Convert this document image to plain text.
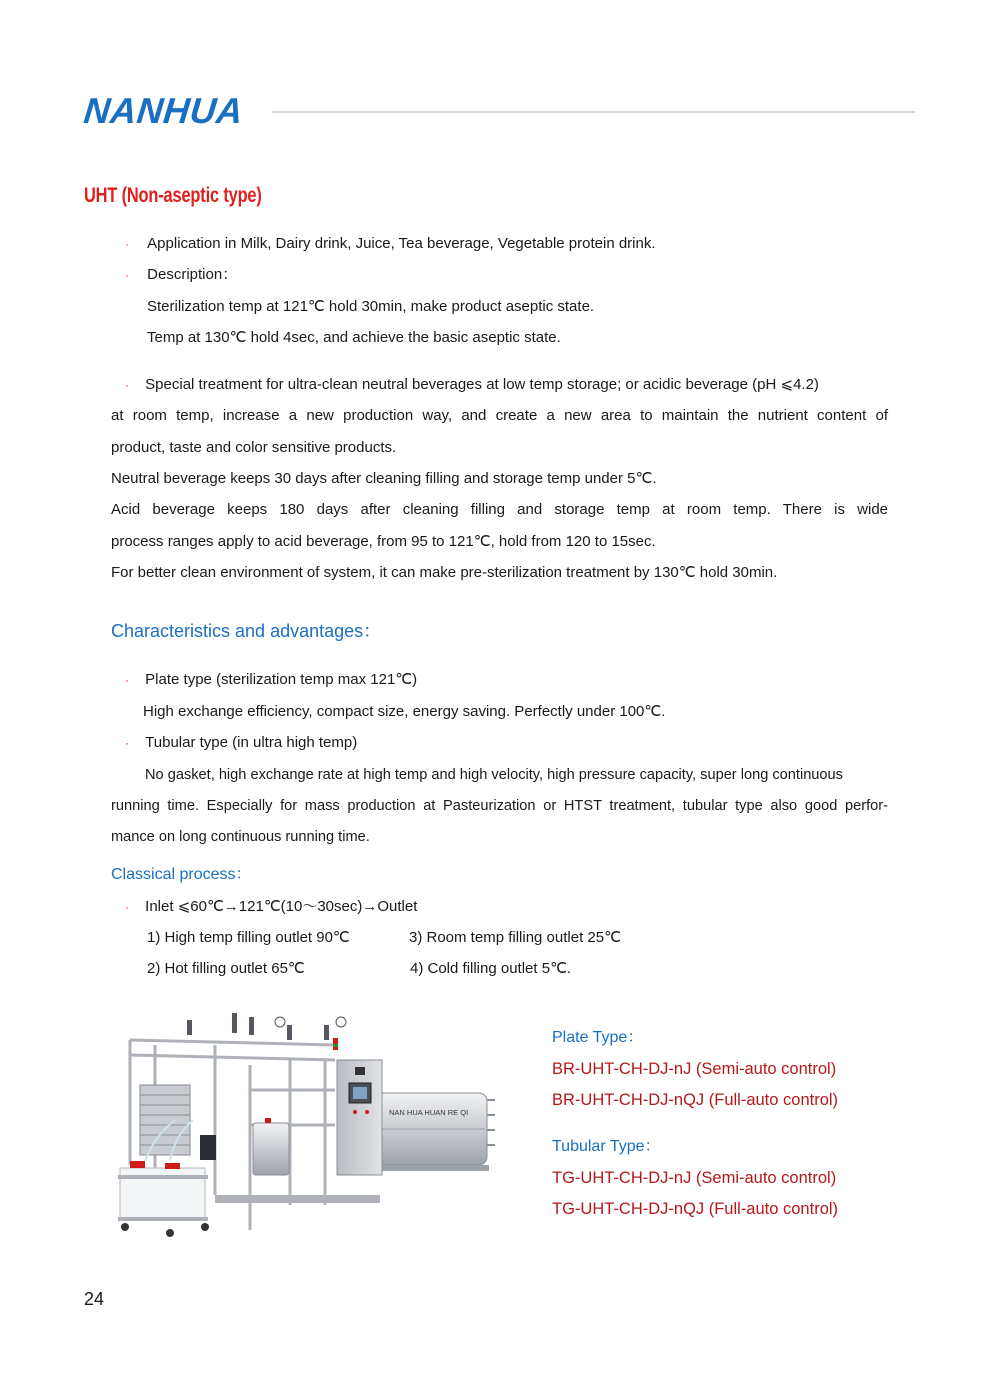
NANHUA
UHT (Non-aseptic type)
· Application in Milk, Dairy drink, Juice, Tea beverage, Vegetable protein drink.
· Description：
Sterilization temp at 121℃ hold 30min, make product aseptic state.
Temp at 130℃ hold 4sec, and achieve the basic aseptic state.
· Special treatment for ultra-clean neutral beverages at low temp storage; or acidic beverage (pH ⩽4.2)
at room temp, increase a new production way, and create a new area to maintain the nutrient content of
product, taste and color sensitive products.
Neutral beverage keeps 30 days after cleaning filling and storage temp under 5℃.
Acid beverage keeps 180 days after cleaning filling and storage temp at room temp. There is wide
process ranges apply to acid beverage, from 95 to 121℃, hold from 120 to 15sec.
For better clean environment of system, it can make pre-sterilization treatment by 130℃ hold 30min.
Characteristics and advantages：
· Plate type (sterilization temp max 121℃)
High exchange efficiency, compact size, energy saving. Perfectly under 100℃.
· Tubular type (in ultra high temp)
No gasket, high exchange rate at high temp and high velocity, high pressure capacity, super long continuous
running time. Especially for mass production at Pasteurization or HTST treatment, tubular type also good perfor-
mance on long continuous running time.
Classical process：
· Inlet ⩽60℃→121℃(10～30sec)→Outlet
1) High temp filling outlet 90℃	3) Room temp filling outlet 25℃
2) Hot filling outlet 65℃	4) Cold filling outlet 5℃.
NAN HUA HUAN RE QI
Plate Type：
BR-UHT-CH-DJ-nJ (Semi-auto control)
BR-UHT-CH-DJ-nQJ (Full-auto control)
Tubular Type：
TG-UHT-CH-DJ-nJ (Semi-auto control)
TG-UHT-CH-DJ-nQJ (Full-auto control)
24
